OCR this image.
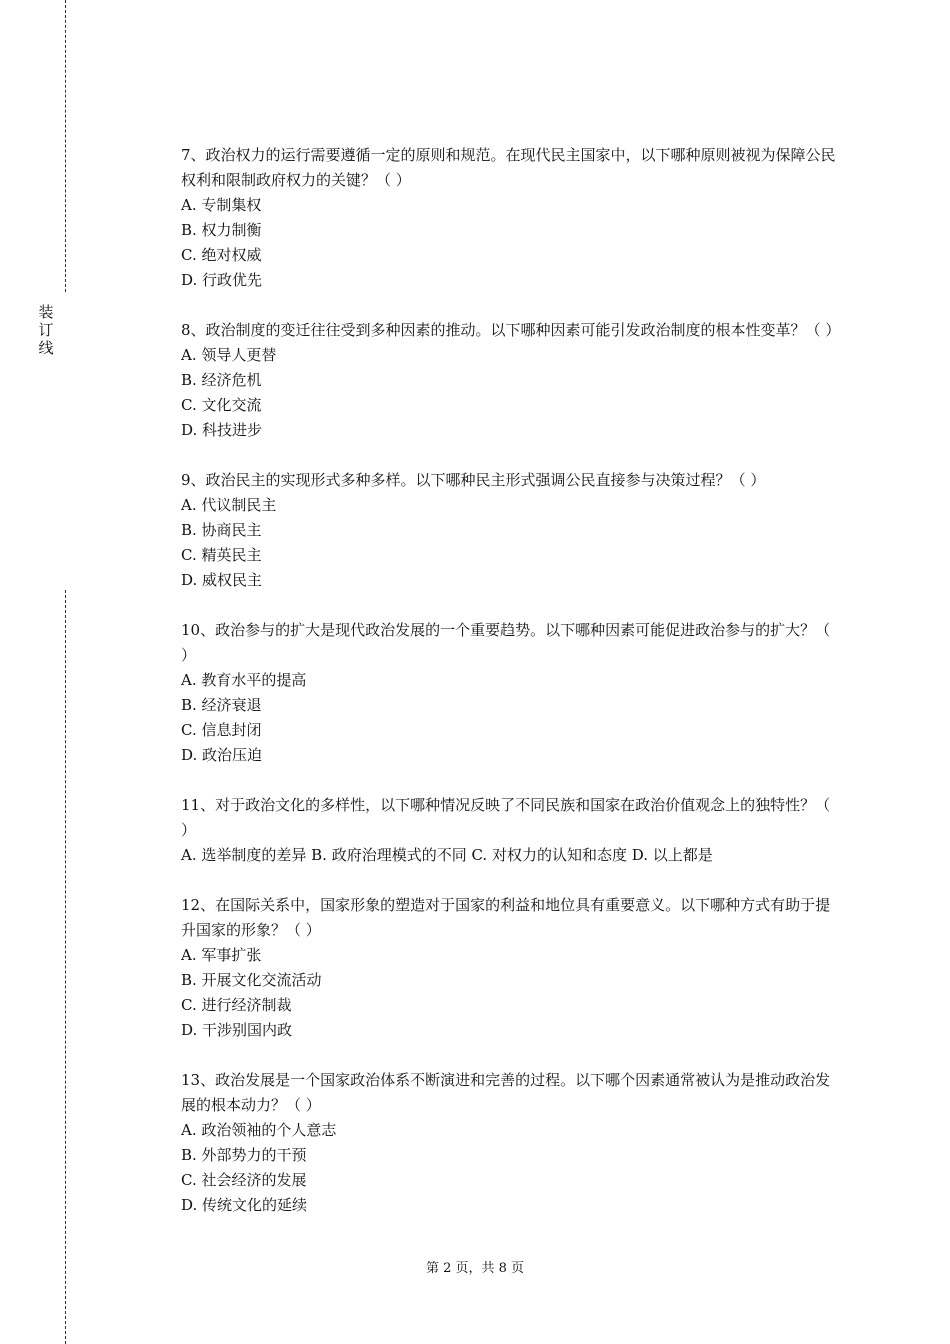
装订线
7、政治权力的运行需要遵循一定的原则和规范。在现代民主国家中，以下哪种原则被视为保障公民权利和限制政府权力的关键？（ ）
A. 专制集权
B. 权力制衡
C. 绝对权威
D. 行政优先
8、政治制度的变迁往往受到多种因素的推动。以下哪种因素可能引发政治制度的根本性变革？（ ）
A. 领导人更替
B. 经济危机
C. 文化交流
D. 科技进步
9、政治民主的实现形式多种多样。以下哪种民主形式强调公民直接参与决策过程？（ ）
A. 代议制民主
B. 协商民主
C. 精英民主
D. 威权民主
10、政治参与的扩大是现代政治发展的一个重要趋势。以下哪种因素可能促进政治参与的扩大？（ ）
A. 教育水平的提高
B. 经济衰退
C. 信息封闭
D. 政治压迫
11、对于政治文化的多样性，以下哪种情况反映了不同民族和国家在政治价值观念上的独特性？（ ）
A. 选举制度的差异 B. 政府治理模式的不同 C. 对权力的认知和态度 D. 以上都是
12、在国际关系中，国家形象的塑造对于国家的利益和地位具有重要意义。以下哪种方式有助于提升国家的形象？（ ）
A. 军事扩张
B. 开展文化交流活动
C. 进行经济制裁
D. 干涉别国内政
13、政治发展是一个国家政治体系不断演进和完善的过程。以下哪个因素通常被认为是推动政治发展的根本动力？（ ）
A. 政治领袖的个人意志
B. 外部势力的干预
C. 社会经济的发展
D. 传统文化的延续
第 2 页，共 8 页
